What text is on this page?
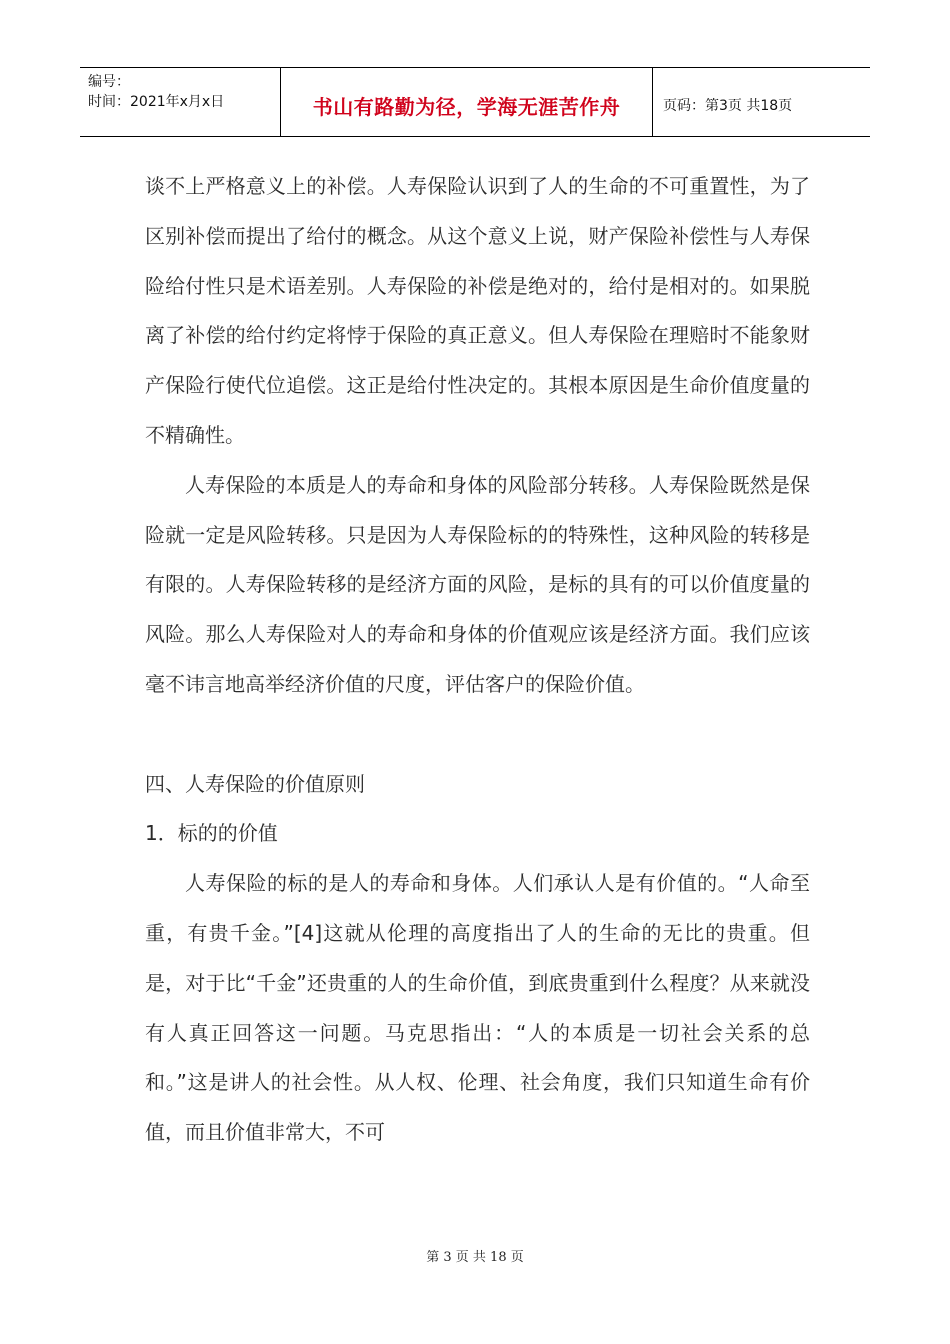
编号：
时间：2021年x月x日	书山有路勤为径，学海无涯苦作舟	页码：第3页 共18页

谈不上严格意义上的补偿。人寿保险认识到了人的生命的不可重置性，为了区别补偿而提出了给付的概念。从这个意义上说，财产保险补偿性与人寿保险给付性只是术语差别。人寿保险的补偿是绝对的，给付是相对的。如果脱离了补偿的给付约定将悖于保险的真正意义。但人寿保险在理赔时不能象财产保险行使代位追偿。这正是给付性决定的。其根本原因是生命价值度量的不精确性。

人寿保险的本质是人的寿命和身体的风险部分转移。人寿保险既然是保险就一定是风险转移。只是因为人寿保险标的的特殊性，这种风险的转移是有限的。人寿保险转移的是经济方面的风险，是标的具有的可以价值度量的风险。那么人寿保险对人的寿命和身体的价值观应该是经济方面。我们应该毫不讳言地高举经济价值的尺度，评估客户的保险价值。

四、人寿保险的价值原则

1．标的的价值

人寿保险的标的是人的寿命和身体。人们承认人是有价值的。“人命至重，有贵千金。”[4]这就从伦理的高度指出了人的生命的无比的贵重。但是，对于比“千金”还贵重的人的生命价值，到底贵重到什么程度？从来就没有人真正回答这一问题。马克思指出：“人的本质是一切社会关系的总和。”这是讲人的社会性。从人权、伦理、社会角度，我们只知道生命有价值，而且价值非常大，不可

第 3 页 共 18 页
